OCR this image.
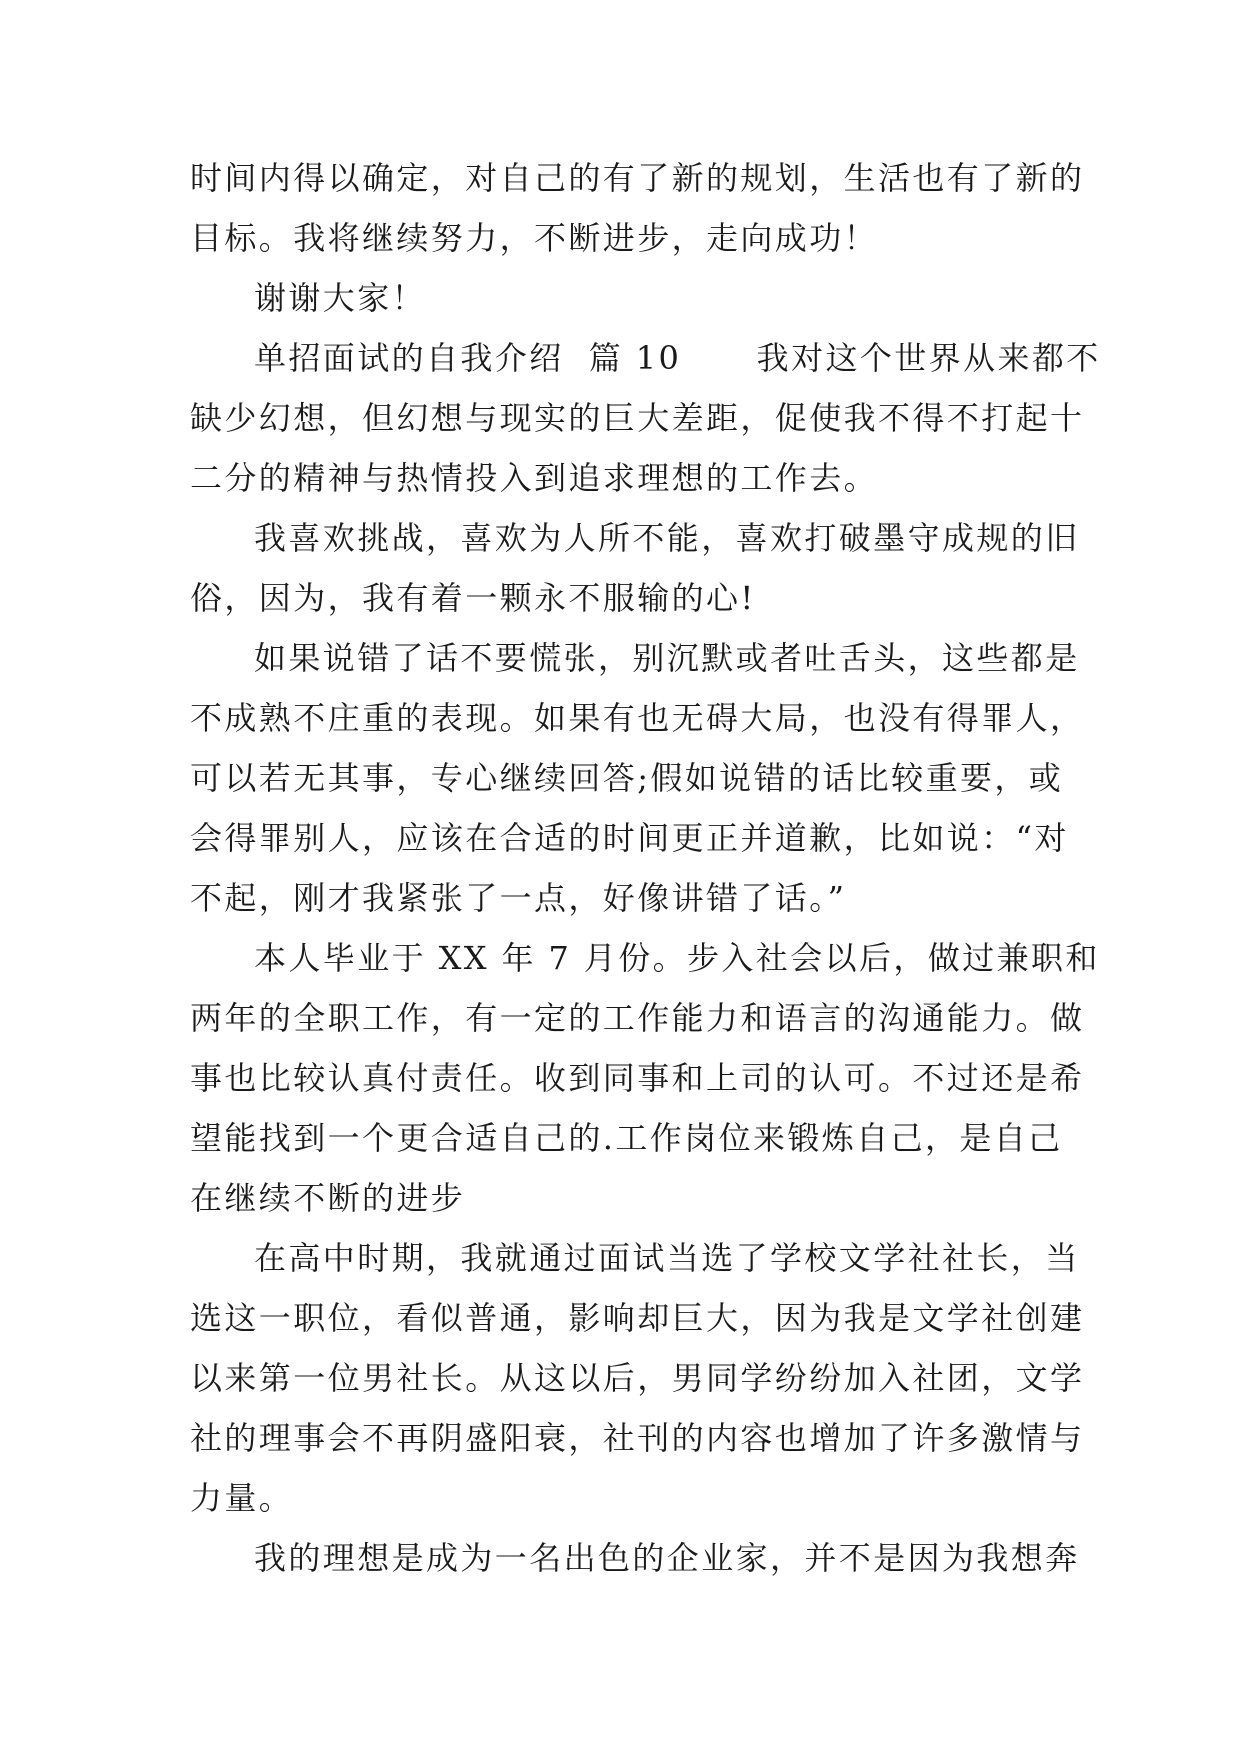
时间内得以确定，对自己的有了新的规划，生活也有了新的
目标。我将继续努力，不断进步，走向成功！
谢谢大家！
单招面试的自我介绍  篇 10      我对这个世界从来都不
缺少幻想，但幻想与现实的巨大差距，促使我不得不打起十
二分的精神与热情投入到追求理想的工作去。
我喜欢挑战，喜欢为人所不能，喜欢打破墨守成规的旧
俗，因为，我有着一颗永不服输的心!
如果说错了话不要慌张，别沉默或者吐舌头，这些都是
不成熟不庄重的表现。如果有也无碍大局，也没有得罪人，
可以若无其事，专心继续回答;假如说错的话比较重要，或
会得罪别人，应该在合适的时间更正并道歉，比如说：“对
不起，刚才我紧张了一点，好像讲错了话。”
本人毕业于 XX 年 7 月份。步入社会以后，做过兼职和
两年的全职工作，有一定的工作能力和语言的沟通能力。做
事也比较认真付责任。收到同事和上司的认可。不过还是希
望能找到一个更合适自己的.工作岗位来锻炼自己，是自己
在继续不断的进步
在高中时期，我就通过面试当选了学校文学社社长，当
选这一职位，看似普通，影响却巨大，因为我是文学社创建
以来第一位男社长。从这以后，男同学纷纷加入社团，文学
社的理事会不再阴盛阳衰，社刊的内容也增加了许多激情与
力量。
我的理想是成为一名出色的企业家，并不是因为我想奔
